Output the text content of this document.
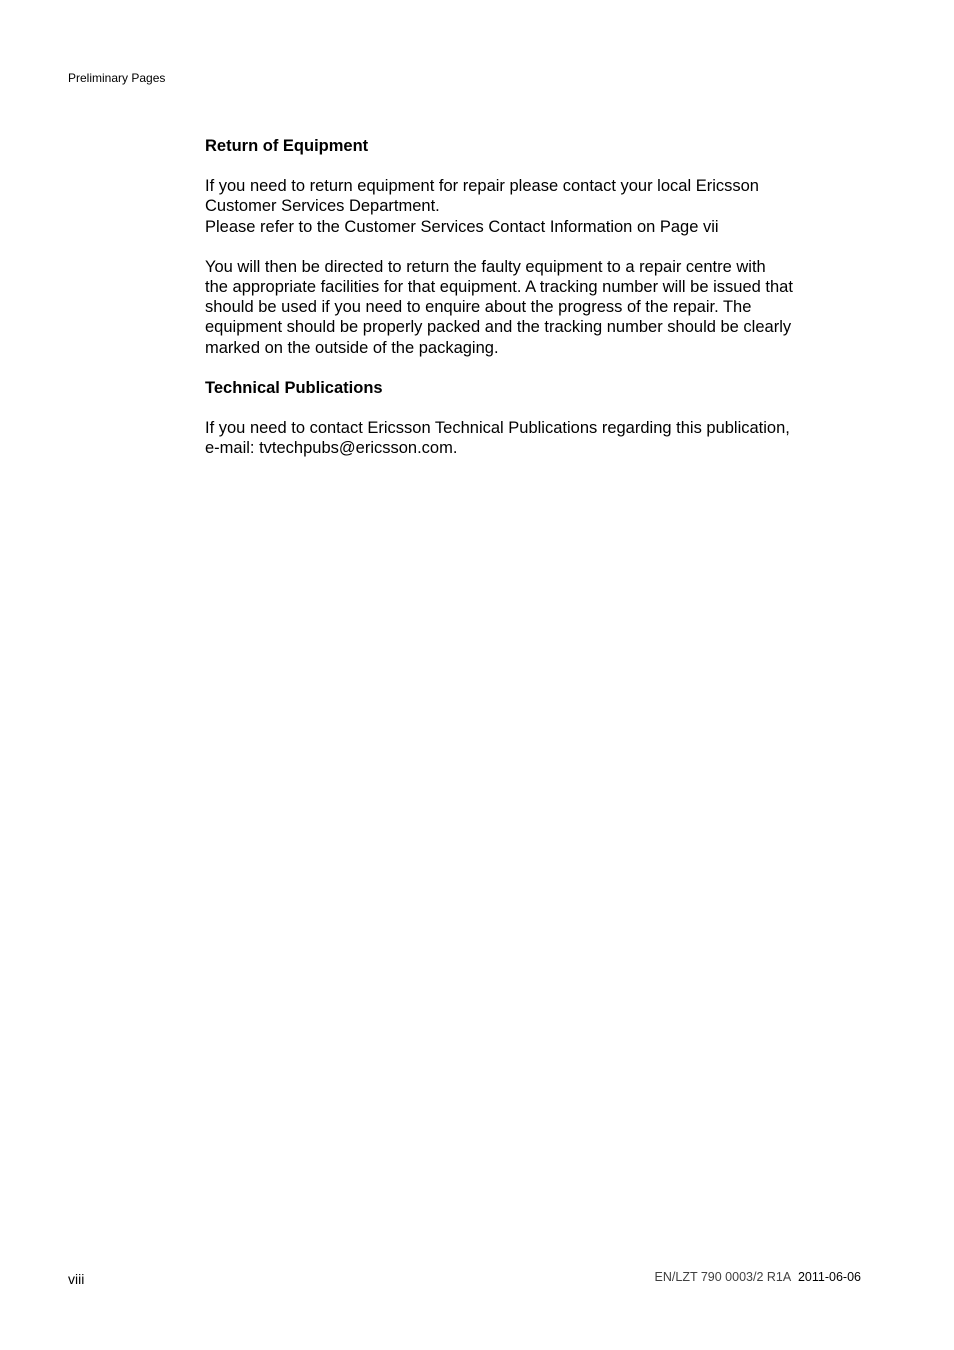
Preliminary Pages
Return of Equipment

If you need to return equipment for repair please contact your local Ericsson
Customer Services Department.
Please refer to the Customer Services Contact Information on Page vii

You will then be directed to return the faulty equipment to a repair centre with
the appropriate facilities for that equipment. A tracking number will be issued that
should be used if you need to enquire about the progress of the repair. The
equipment should be properly packed and the tracking number should be clearly
marked on the outside of the packaging.

Technical Publications

If you need to contact Ericsson Technical Publications regarding this publication,
e-mail: tvtechpubs@ericsson.com.

viii	EN/LZT 790 0003/2 R1A 2011-06-06
